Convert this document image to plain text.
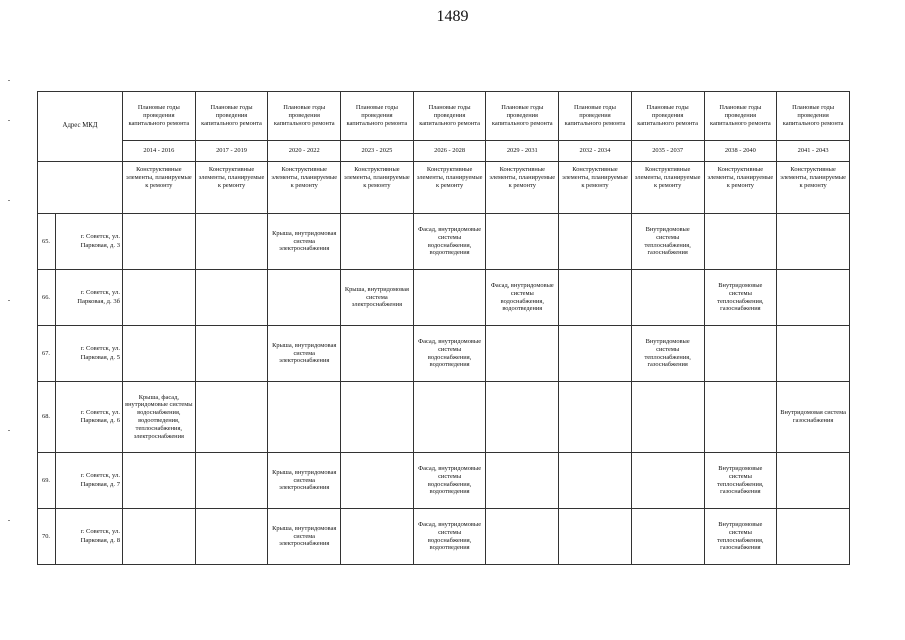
1489
Адрес МКД		Плановые годы проведения капитального ремонта	Плановые годы проведения капитального ремонта	Плановые годы проведения капитального ремонта	Плановые годы проведения капитального ремонта	Плановые годы проведения капитального ремонта	Плановые годы проведения капитального ремонта	Плановые годы проведения капитального ремонта	Плановые годы проведения капитального ремонта	Плановые годы проведения капитального ремонта	Плановые годы проведения капитального ремонта
		2014 - 2016	2017 - 2019	2020 - 2022	2023 - 2025	2026 - 2028	2029 - 2031	2032 - 2034	2035 - 2037	2038 - 2040	2041 - 2043
		Конструктивные элементы, планируемые к ремонту	Конструктивные элементы, планируемые к ремонту	Конструктивные элементы, планируемые к ремонту	Конструктивные элементы, планируемые к ремонту	Конструктивные элементы, планируемые к ремонту	Конструктивные элементы, планируемые к ремонту	Конструктивные элементы, планируемые к ремонту	Конструктивные элементы, планируемые к ремонту	Конструктивные элементы, планируемые к ремонту	Конструктивные элементы, планируемые к ремонту
65.	г. Советск, ул. Парковая, д. 3			Крыша, внутридомовая система электроснабжения		Фасад, внутридомовые системы водоснабжения, водоотведения			Внутридомовые системы теплоснабжения, газоснабжения		
66.	г. Советск, ул. Парковая, д. 3б				Крыша, внутридомовая система электроснабжения		Фасад, внутридомовые системы водоснабжения, водоотведения			Внутридомовые системы теплоснабжения, газоснабжения	
67.	г. Советск, ул. Парковая, д. 5			Крыша, внутридомовая система электроснабжения		Фасад, внутридомовые системы водоснабжения, водоотведения			Внутридомовые системы теплоснабжения, газоснабжения		
68.	г. Советск, ул. Парковая, д. 6	Крыша, фасад, внутридомовые системы водоснабжения, водоотведения, теплоснабжения, электроснабжения									Внутридомовая система газоснабжения
69.	г. Советск, ул. Парковая, д. 7			Крыша, внутридомовая система электроснабжения		Фасад, внутридомовые системы водоснабжения, водоотведения				Внутридомовые системы теплоснабжения, газоснабжения	
70.	г. Советск, ул. Парковая, д. 8			Крыша, внутридомовая система электроснабжения		Фасад, внутридомовые системы водоснабжения, водоотведения				Внутридомовые системы теплоснабжения, газоснабжения	
